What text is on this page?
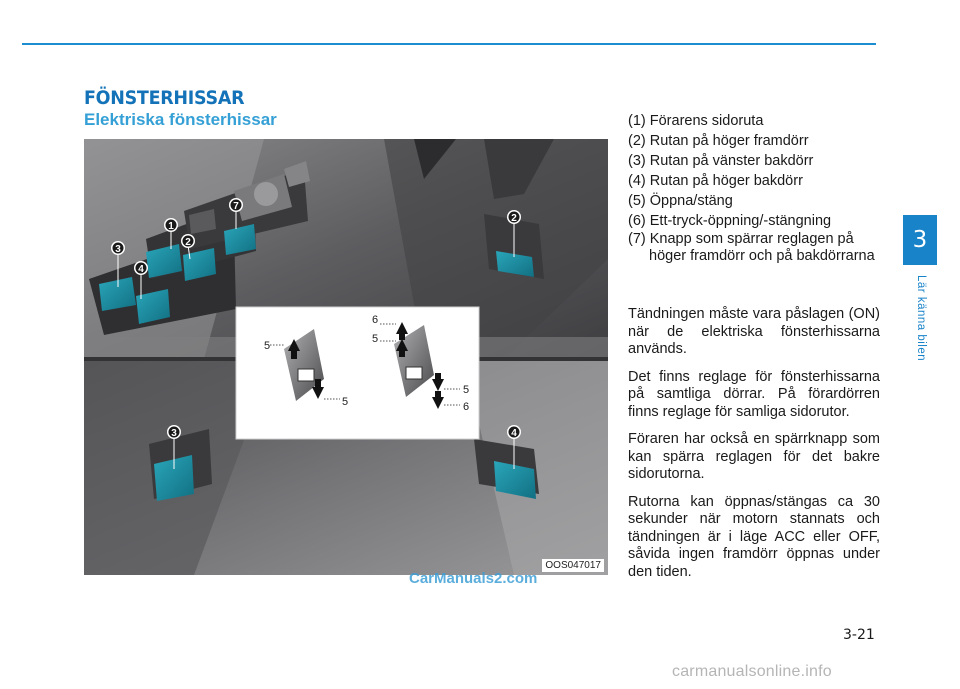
FÖNSTERHISSAR
Elektriska fönsterhissar
3
4
1
2
7
2
3	4
5
5
6
5
5
6
OOS047017
(1) Förarens sidoruta
(2) Rutan på höger framdörr
(3) Rutan på vänster bakdörr
(4) Rutan på höger bakdörr
(5) Öppna/stäng
(6) Ett-tryck-öppning/-stängning
(7) Knapp som spärrar reglagen på höger framdörr och på bakdörrarna

Tändningen måste vara påslagen (ON) när de elektriska fönsterhissarna används.

Det finns reglage för fönsterhissarna på samtliga dörrar. På förardörren finns reglage för samliga sidorutor.

Föraren har också en spärrknapp som kan spärra reglagen för det bakre sidorutorna.

Rutorna kan öppnas/stängas ca 30 sekunder när motorn stannats och tändningen är i läge ACC eller OFF, såvida ingen framdörr öppnas under den tiden.

3
Lär känna bilen
3-21
CarManuals2.com
carmanualsonline.info
